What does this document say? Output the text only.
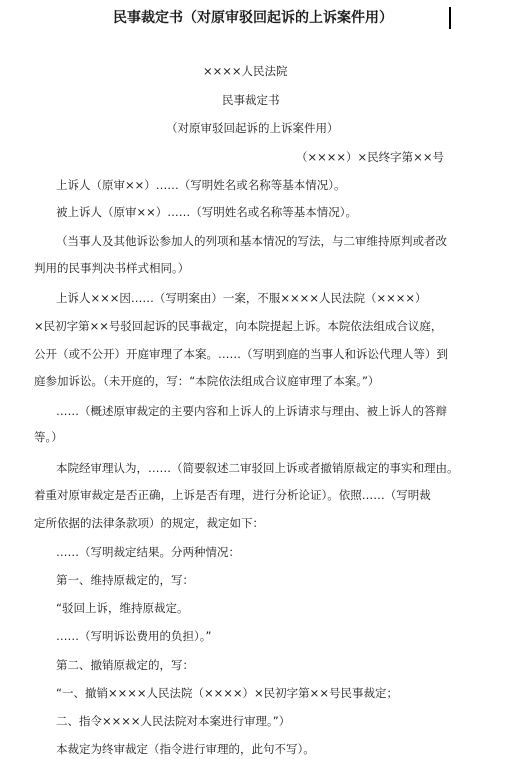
民事裁定书（对原审驳回起诉的上诉案件用）
××××人民法院
民事裁定书
（对原审驳回起诉的上诉案件用）
（××××）×民终字第××号
上诉人（原审××）……（写明姓名或名称等基本情况）。
被上诉人（原审××）……（写明姓名或名称等基本情况）。
（当事人及其他诉讼参加人的列项和基本情况的写法，与二审维持原判或者改
判用的民事判决书样式相同。）
上诉人×××因……（写明案由）一案，不服××××人民法院（××××）
×民初字第××号驳回起诉的民事裁定，向本院提起上诉。本院依法组成合议庭，
公开（或不公开）开庭审理了本案。……（写明到庭的当事人和诉讼代理人等）到
庭参加诉讼。（未开庭的，写：“本院依法组成合议庭审理了本案。”）
……（概述原审裁定的主要内容和上诉人的上诉请求与理由、被上诉人的答辩
等。）
本院经审理认为，……（简要叙述二审驳回上诉或者撤销原裁定的事实和理由。
着重对原审裁定是否正确，上诉是否有理，进行分析论证）。依照……（写明裁
定所依据的法律条款项）的规定，裁定如下：
……（写明裁定结果。分两种情况：
第一、维持原裁定的，写：
“驳回上诉，维持原裁定。
……（写明诉讼费用的负担）。”
第二、撤销原裁定的，写：
“一、撤销××××人民法院（××××）×民初字第××号民事裁定；
二、指令××××人民法院对本案进行审理。”）
本裁定为终审裁定（指令进行审理的，此句不写）。
